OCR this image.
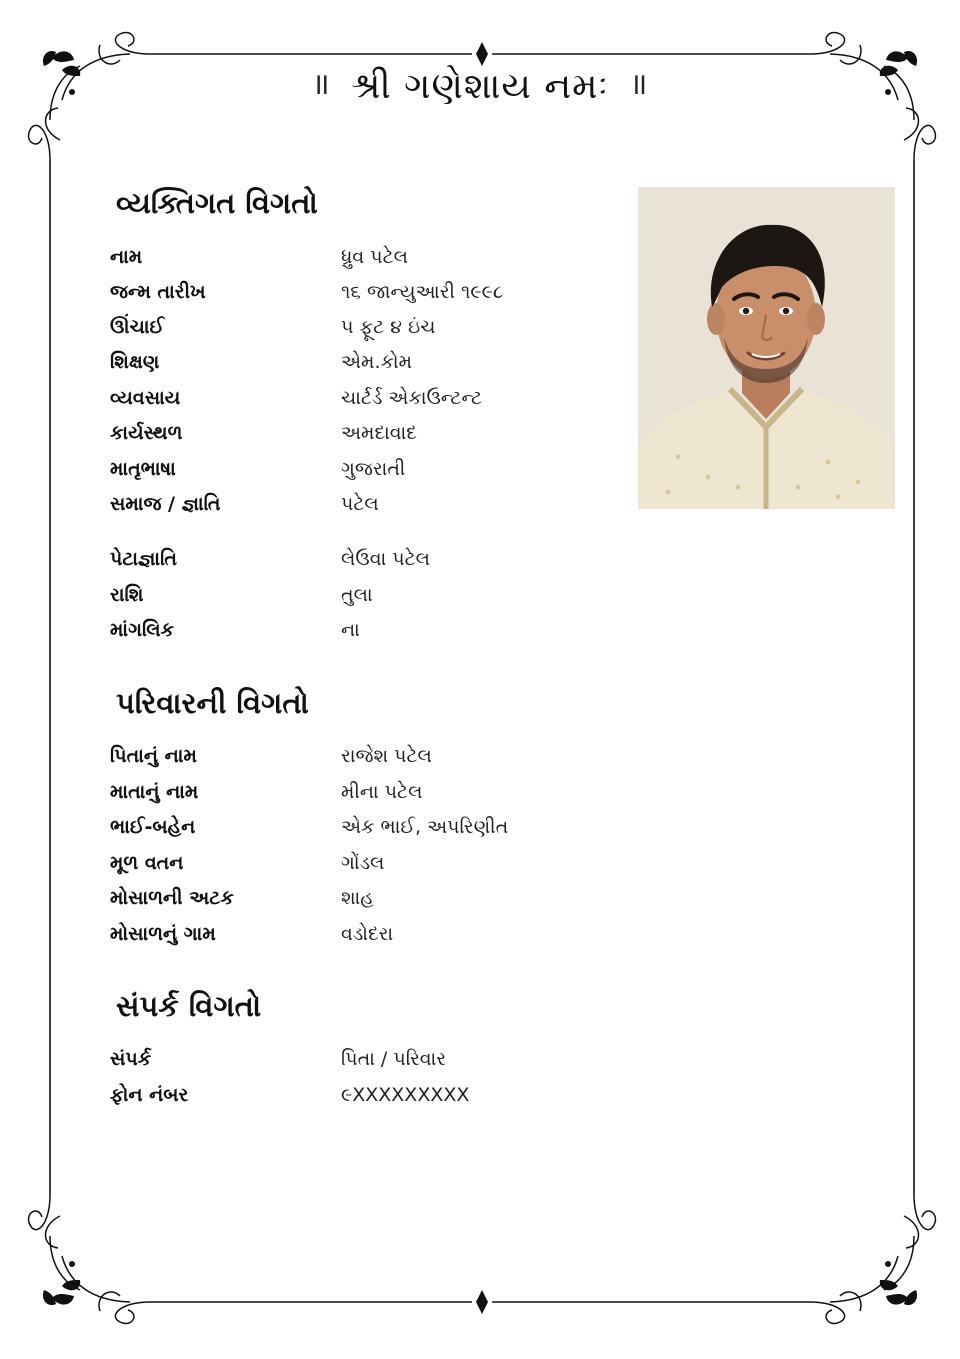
॥ શ્રી ગણેશાય નમઃ ॥
વ્યક્તિગત વિગતો
નામ	ધ્રુવ પટેલ
જન્મ તારીખ	૧૬ જાન્યુઆરી ૧૯૯૮
ઊંચાઈ	૫ ફૂટ ૪ ઇંચ
શિક્ષણ	એમ.કોમ
વ્યવસાય	ચાર્ટર્ડ એકાઉન્ટન્ટ
કાર્યસ્થળ	અમદાવાદ
માતૃભાષા	ગુજરાતી
સમાજ / જ્ઞાતિ	પટેલ
પેટાજ્ઞાતિ	લેઉવા પટેલ
રાશિ	તુલા
માંગલિક	ના
પરિવારની વિગતો
પિતાનું નામ	રાજેશ પટેલ
માતાનું નામ	મીના પટેલ
ભાઈ-બહેન	એક ભાઈ, અપરિણીત
મૂળ વતન	ગોંડલ
મોસાળની અટક	શાહ
મોસાળનું ગામ	વડોદરા
સંપર્ક વિગતો
સંપર્ક	પિતા / પરિવાર
ફોન નંબર	૯XXXXXXXXX
